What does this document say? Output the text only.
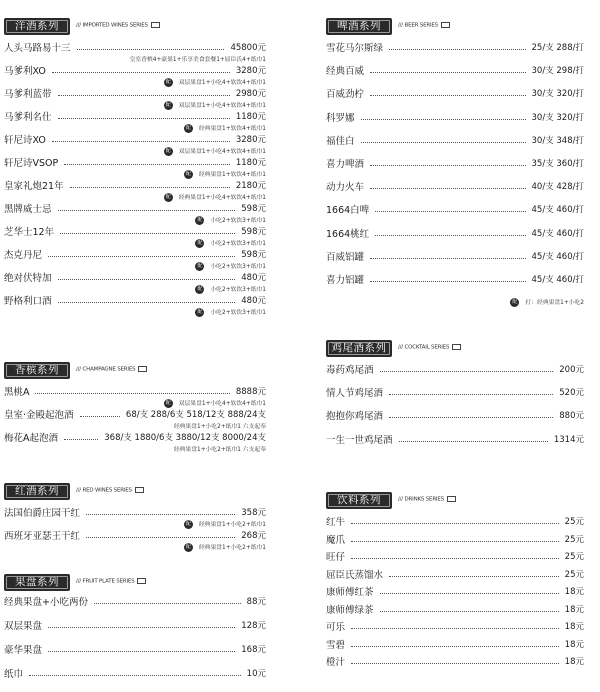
洋酒系列	/// IMPORTED WINES SERIES
人头马路易十三	45800元
皇室香槟4+豪果1+乐享美食套餐1+屈臣氏4+纸巾1
马爹利XO	3280元
双层果盘1+小吃4+软饮4+纸巾1
配
马爹利蓝带	2980元
双层果盘1+小吃4+软饮4+纸巾1
配
马爹利名仕	1180元
经典果盘1+软饮4+纸巾1
配
轩尼诗XO	3280元
双层果盘1+小吃4+软饮4+纸巾1
配
轩尼诗VSOP	1180元
经典果盘1+软饮4+纸巾1
配
皇家礼炮21年	2180元
经典果盘1+小吃4+软饮4+纸巾1
配
黑牌威士忌	598元
小吃2+软饮3+纸巾1
配
芝华士12年	598元
小吃2+软饮3+纸巾1
配
杰克丹尼	598元
小吃2+软饮3+纸巾1
配
绝对伏特加	480元
小吃2+软饮3+纸巾1
配
野格利口酒	480元
小吃2+软饮3+纸巾1
配
香槟系列	/// CHAMPAGNE SERIES
黑桃A	8888元
双层果盘1+小吃4+软饮4+纸巾1
配
皇室·金殿起泡酒	68/支 288/6支 518/12支 888/24支
经典果盘1+小吃2+纸巾1 六支起奉
梅花A起泡酒	368/支 1880/6支 3880/12支 8000/24支
经典果盘1+小吃2+纸巾1 六支起奉
红酒系列	/// RED WINES SERIES
法国伯爵庄园干红	358元
经典果盘1+小吃2+纸巾1
配
西班牙亚瑟王干红	268元
经典果盘1+小吃2+纸巾1
配
果盘系列	/// FRUIT PLATE SERIES
经典果盘+小吃两份	88元
双层果盘	128元
豪华果盘	168元
纸巾	10元
啤酒系列	/// BEER SERIES
雪花马尔斯绿	25/支 288/打
经典百威	30/支 298/打
百威劲柠	30/支 320/打
科罗娜	30/支 320/打
福佳白	30/支 348/打
喜力啤酒	35/支 360/打
动力火车	40/支 428/打
1664白啤	45/支 460/打
1664桃红	45/支 460/打
百威铝罐	45/支 460/打
喜力铝罐	45/支 460/打
打：经典果盘1+小吃2
配
鸡尾酒系列	/// COCKTAIL SERIES
毒药鸡尾酒	200元
情人节鸡尾酒	520元
抱抱你鸡尾酒	880元
一生一世鸡尾酒	1314元
饮料系列	/// DRINKS SERIES
红牛	25元
魔爪	25元
旺仔	25元
屈臣氏蒸馏水	25元
康师傅红茶	18元
康师傅绿茶	18元
可乐	18元
雪碧	18元
橙汁	18元
